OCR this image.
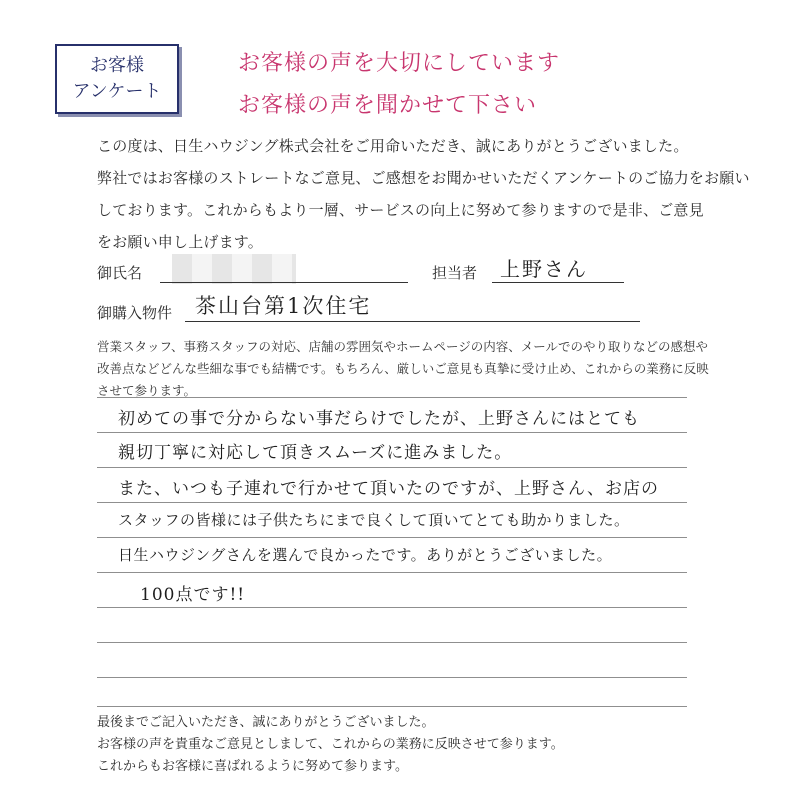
お客様
アンケート
お客様の声を大切にしています
お客様の声を聞かせて下さい
この度は、日生ハウジング株式会社をご用命いただき、誠にありがとうございました。
弊社ではお客様のストレートなご意見、ご感想をお聞かせいただくアンケートのご協力をお願い
しております。これからもより一層、サービスの向上に努めて参りますので是非、ご意見
をお願い申し上げます。
御氏名	担当者 上野さん
御購入物件 茶山台第1次住宅
営業スタッフ、事務スタッフの対応、店舗の雰囲気やホームページの内容、メールでのやり取りなどの感想や
改善点などどんな些細な事でも結構です。もちろん、厳しいご意見も真摯に受け止め、これからの業務に反映
させて参ります。
初めての事で分からない事だらけでしたが、上野さんにはとても
親切丁寧に対応して頂きスムーズに進みました。
また、いつも子連れで行かせて頂いたのですが、上野さん、お店の
スタッフの皆様には子供たちにまで良くして頂いてとても助かりました。
日生ハウジングさんを選んで良かったです。ありがとうございました。
100点です!!
最後までご記入いただき、誠にありがとうございました。
お客様の声を貴重なご意見としまして、これからの業務に反映させて参ります。
これからもお客様に喜ばれるように努めて参ります。
